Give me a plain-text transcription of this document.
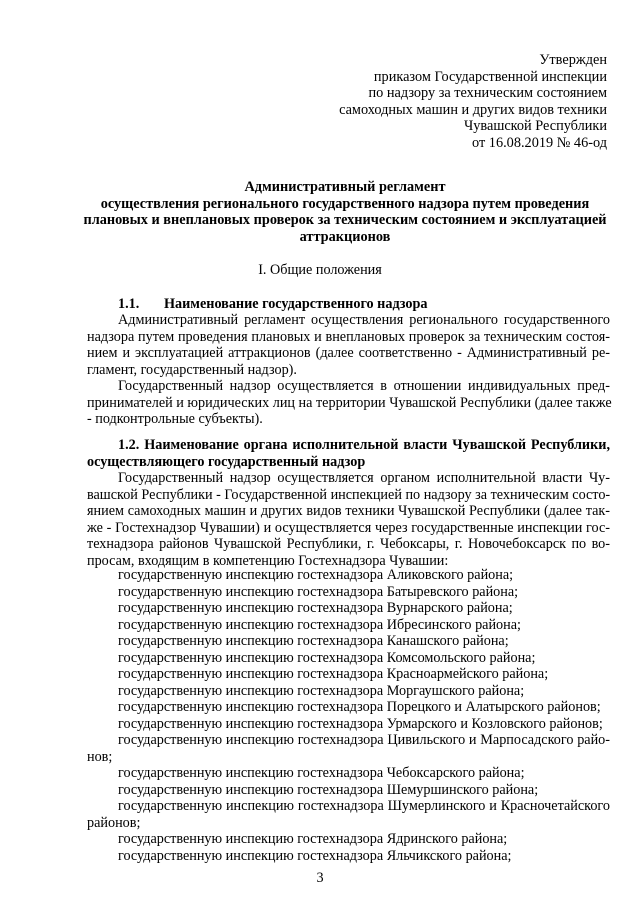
Утвержден
приказом Государственной инспекции
по надзору за техническим состоянием
самоходных машин и других видов техники
Чувашской Республики
от 16.08.2019 № 46-од
Административный регламент
осуществления регионального государственного надзора путем проведения
плановых и внеплановых проверок за техническим состоянием и эксплуатацией
аттракционов
I. Общие положения
1.1. Наименование государственного надзора
Административный регламент осуществления регионального государственного
надзора путем проведения плановых и внеплановых проверок за техническим состоя-
нием и эксплуатацией аттракционов (далее соответственно - Административный ре-
гламент, государственный надзор).
Государственный надзор осуществляется в отношении индивидуальных пред-
принимателей и юридических лиц на территории Чувашской Республики (далее также
- подконтрольные субъекты).
1.2. Наименование органа исполнительной власти Чувашской Республики,
осуществляющего государственный надзор
Государственный надзор осуществляется органом исполнительной власти Чу-
вашской Республики - Государственной инспекцией по надзору за техническим состо-
янием самоходных машин и других видов техники Чувашской Республики (далее так-
же - Гостехнадзор Чувашии) и осуществляется через государственные инспекции гос-
технадзора районов Чувашской Республики, г. Чебоксары, г. Новочебоксарск по во-
просам, входящим в компетенцию Гостехнадзора Чувашии:
государственную инспекцию гостехнадзора Аликовского района;
государственную инспекцию гостехнадзора Батыревского района;
государственную инспекцию гостехнадзора Вурнарского района;
государственную инспекцию гостехнадзора Ибресинского района;
государственную инспекцию гостехнадзора Канашского района;
государственную инспекцию гостехнадзора Комсомольского района;
государственную инспекцию гостехнадзора Красноармейского района;
государственную инспекцию гостехнадзора Моргаушского района;
государственную инспекцию гостехнадзора Порецкого и Алатырского районов;
государственную инспекцию гостехнадзора Урмарского и Козловского районов;
государственную инспекцию гостехнадзора Цивильского и Марпосадского райо-
нов;
государственную инспекцию гостехнадзора Чебоксарского района;
государственную инспекцию гостехнадзора Шемуршинского района;
государственную инспекцию гостехнадзора Шумерлинского и Красночетайского
районов;
государственную инспекцию гостехнадзора Ядринского района;
государственную инспекцию гостехнадзора Яльчикского района;
3
